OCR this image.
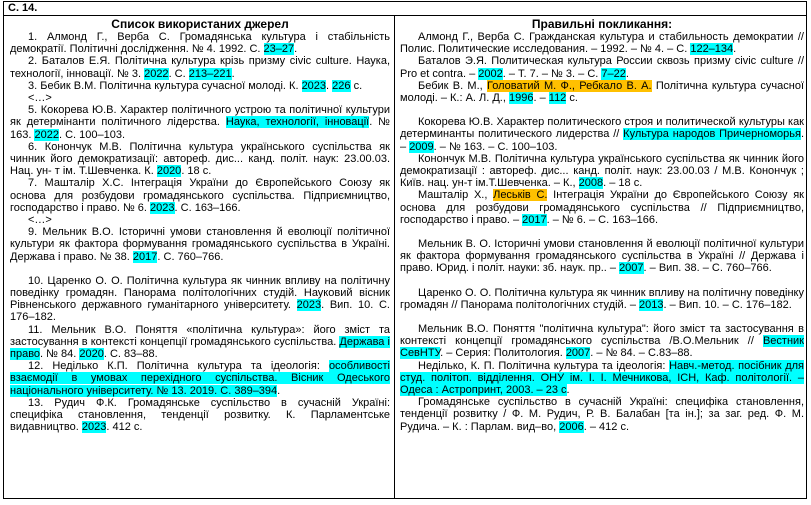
С. 14.
Список використаних джерел
1. Алмонд Г., Верба С. Громадянська культура і стабільність демократії. Політичні дослідження. № 4. 1992. С. 23–27.
2. Баталов Е.Я. Політична культура крізь призму civic culture. Наука, технології, інновації. № 3. 2022. С. 213–221.
3. Бебик В.М. Політична культура сучасної молоді. К. 2023. 226 с.
<…>
5. Кокорева Ю.В. Характер політичного устрою та політичної культури як детермінанти політичного лідерства. Наука, технології, інновації. № 163. 2022. С. 100–103.
6. Конончук М.В. Політична культура українського суспільства як чинник його демократизації: автореф. дис... канд. політ. наук: 23.00.03. Нац. ун- т ім. Т.Шевченка. К. 2020. 18 с.
7. Машталір Х.С. Інтеграція України до Європейського Союзу як основа для розбудови громадянського суспільства. Підприємництво, господарство і право. № 6. 2023. С. 163–166.
<…>
9. Мельник В.О. Історичні умови становлення й еволюції політичної культури як фактора формування громадянського суспільства в Україні. Держава і право. № 38. 2017. С. 760–766.
10. Царенко О. О. Політична культура як чинник впливу на політичну поведінку громадян. Панорама політологічних студій. Науковий вісник Рівненського державного гуманітарного університету. 2023. Вип. 10. С. 176–182.
11. Мельник В.О. Поняття «політична культура»: його зміст та застосування в контексті концепції громадянського суспільства. Держава і право. № 84. 2020. С. 83–88.
12. Неділько К.П. Політична культура та ідеологія: особливості взаємодії в умовах перехідного суспільства. Вісник Одеського національного університету. № 13. 2019. С. 389–394.
13. Рудич Ф.К. Громадянське суспільство в сучасній Україні: специфіка становлення, тенденції розвитку. К. Парламентське видавництво. 2023. 412 с.
Правильні покликання:
Алмонд Г., Верба С. Гражданская культура и стабильность демократии // Полис. Политические исследования. – 1992. – № 4. – С. 122–134.
Баталов Э.Я. Политическая культура России сквозь призму civic culture // Pro et contra. – 2002. – Т. 7. – № 3. – С. 7–22.
Бебик В. М., Головатий М. Ф., Ребкало В. А. Політична культура сучасної молоді. – К.: А. Л. Д., 1996. – 112 с.
Кокорева Ю.В. Характер политического строя и политической культуры как детерминанты политического лидерства // Культура народов Причерноморья. – 2009. – № 163. – С. 100–103.
Конончук М.В. Політична культура українського суспільства як чинник його демократизації : автореф. дис... канд. політ. наук: 23.00.03 / М.В. Конончук ; Київ. нац. ун-т ім.Т.Шевченка. – К., 2008. – 18 с.
Машталір Х., Леськів С. Інтеграція України до Європейського Союзу як основа для розбудови громадянського суспільства // Підприємництво, господарство і право. – 2017. – № 6. – С. 163–166.
Мельник В. О. Історичні умови становлення й еволюції політичної культури як фактора формування громадянського суспільства в Україні // Держава і право. Юрид. і політ. науки: зб. наук. пр.. – 2007. – Вип. 38. – С. 760–766.
Царенко О. О. Політична культура як чинник впливу на політичну поведінку громадян // Панорама політологічних студій. – 2013. – Вип. 10. – С. 176–182.
Мельник В.О. Поняття "політична культура": його зміст та застосування в контексті концепції громадянського суспільства /В.О.Мельник // Вестник СевНТУ. – Серия: Политология. 2007. – № 84. – С.83–88.
Неділько, К. П. Політична культура та ідеологія: Навч.-метод. посібник для студ. політоп. відділення. ОНУ ім. І. І. Мечникова, ІСН, Каф. політології. – Одеса : Астропринт, 2003. – 23 с.
Громадянське суспільство в сучасній Україні: специфіка становлення, тенденції розвитку / Ф. М. Рудич, Р. В. Балабан [та ін.]; за заг. ред. Ф. М. Рудича. – К. : Парлам. вид–во, 2006. – 412 с.
